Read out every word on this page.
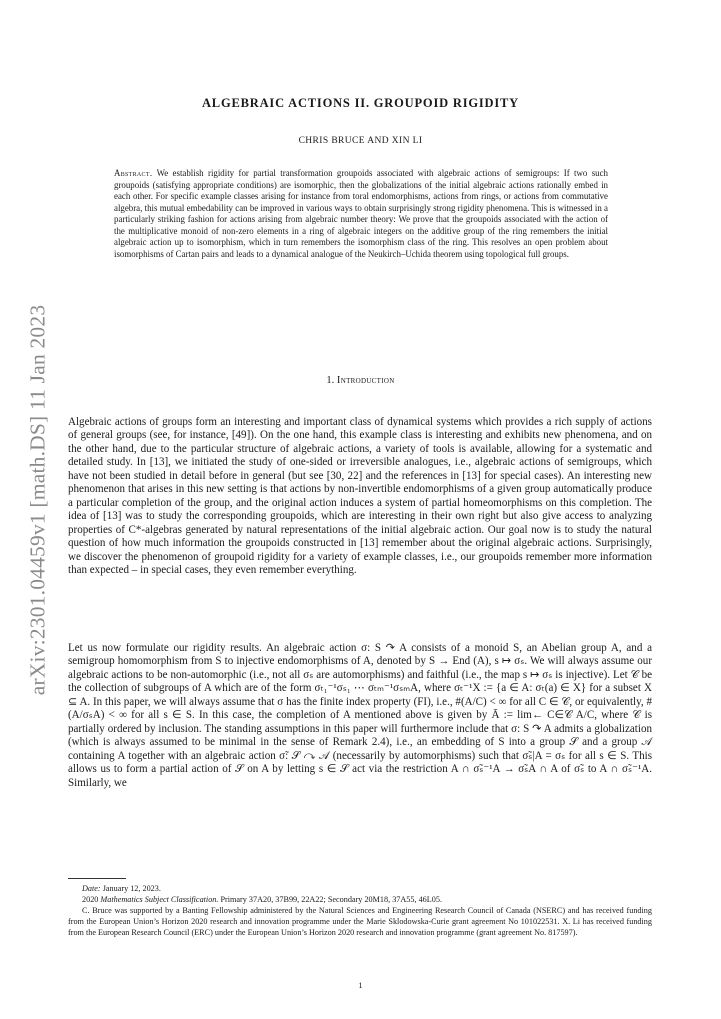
arXiv:2301.04459v1 [math.DS] 11 Jan 2023
ALGEBRAIC ACTIONS II. GROUPOID RIGIDITY
CHRIS BRUCE AND XIN LI
Abstract. We establish rigidity for partial transformation groupoids associated with algebraic actions of semigroups: If two such groupoids (satisfying appropriate conditions) are isomorphic, then the globalizations of the initial algebraic actions rationally embed in each other. For specific example classes arising for instance from toral endomorphisms, actions from rings, or actions from commutative algebra, this mutual embedability can be improved in various ways to obtain surprisingly strong rigidity phenomena. This is witnessed in a particularly striking fashion for actions arising from algebraic number theory: We prove that the groupoids associated with the action of the multiplicative monoid of non-zero elements in a ring of algebraic integers on the additive group of the ring remembers the initial algebraic action up to isomorphism, which in turn remembers the isomorphism class of the ring. This resolves an open problem about isomorphisms of Cartan pairs and leads to a dynamical analogue of the Neukirch–Uchida theorem using topological full groups.
1. Introduction
Algebraic actions of groups form an interesting and important class of dynamical systems which provides a rich supply of actions of general groups (see, for instance, [49]). On the one hand, this example class is interesting and exhibits new phenomena, and on the other hand, due to the particular structure of algebraic actions, a variety of tools is available, allowing for a systematic and detailed study. In [13], we initiated the study of one-sided or irreversible analogues, i.e., algebraic actions of semigroups, which have not been studied in detail before in general (but see [30, 22] and the references in [13] for special cases). An interesting new phenomenon that arises in this new setting is that actions by non-invertible endomorphisms of a given group automatically produce a particular completion of the group, and the original action induces a system of partial homeomorphisms on this completion. The idea of [13] was to study the corresponding groupoids, which are interesting in their own right but also give access to analyzing properties of C*-algebras generated by natural representations of the initial algebraic action. Our goal now is to study the natural question of how much information the groupoids constructed in [13] remember about the original algebraic actions. Surprisingly, we discover the phenomenon of groupoid rigidity for a variety of example classes, i.e., our groupoids remember more information than expected – in special cases, they even remember everything.
Let us now formulate our rigidity results. An algebraic action σ: S ↷ A consists of a monoid S, an Abelian group A, and a semigroup homomorphism from S to injective endomorphisms of A, denoted by S → End (A), s ↦ σₛ. We will always assume our algebraic actions to be non-automorphic (i.e., not all σₛ are automorphisms) and faithful (i.e., the map s ↦ σₛ is injective). Let 𝒞 be the collection of subgroups of A which are of the form σₜ₁⁻¹σₛ₁ ⋯ σₜₘ⁻¹σₛₘA, where σₜ⁻¹X := {a ∈ A: σₜ(a) ∈ X} for a subset X ⊆ A. In this paper, we will always assume that σ has the finite index property (FI), i.e., #(A/C) < ∞ for all C ∈ 𝒞, or equivalently, #(A/σₛA) < ∞ for all s ∈ S. In this case, the completion of A mentioned above is given by Ā := lim← C∈𝒞 A/C, where 𝒞 is partially ordered by inclusion. The standing assumptions in this paper will furthermore include that σ: S ↷ A admits a globalization (which is always assumed to be minimal in the sense of Remark 2.4), i.e., an embedding of S into a group 𝒮 and a group 𝒜 containing A together with an algebraic action σ̃: 𝒮 ↷ 𝒜 (necessarily by automorphisms) such that σ̃ₛ|A = σₛ for all s ∈ S. This allows us to form a partial action of 𝒮 on A by letting s ∈ 𝒮 act via the restriction A ∩ σ̃ₛ⁻¹A → σ̃ₛA ∩ A of σ̃ₛ to A ∩ σ̃ₛ⁻¹A. Similarly, we
Date: January 12, 2023.
2020 Mathematics Subject Classification. Primary 37A20, 37B99, 22A22; Secondary 20M18, 37A55, 46L05.
C. Bruce was supported by a Banting Fellowship administered by the Natural Sciences and Engineering Research Council of Canada (NSERC) and has received funding from the European Union’s Horizon 2020 research and innovation programme under the Marie Sklodowska-Curie grant agreement No 101022531. X. Li has received funding from the European Research Council (ERC) under the European Union’s Horizon 2020 research and innovation programme (grant agreement No. 817597).
1
